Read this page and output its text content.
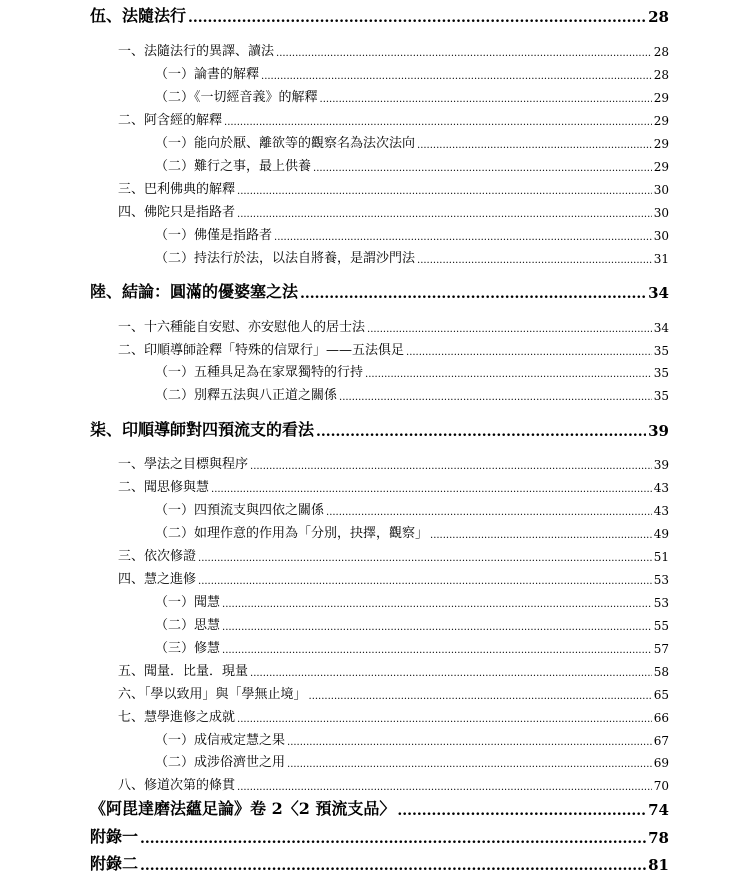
伍、法隨法行 .....	28
一、法隨法行的異譯、讀法 .....	28
（一）論書的解釋 .....	28
（二）《一切經音義》的解釋 .....	29
二、阿含經的解釋 .....	29
（一）能向於厭、離欲等的觀察名為法次法向 .....	29
（二）難行之事，最上供養 .....	29
三、巴利佛典的解釋 .....	30
四、佛陀只是指路者 .....	30
（一）佛僅是指路者 .....	30
（二）持法行於法，以法自將養，是謂沙門法 .....	31
陸、結論：圓滿的優婆塞之法 .....	34
一、十六種能自安慰、亦安慰他人的居士法 .....	34
二、印順導師詮釋「特殊的信眾行」——五法俱足 .....	35
（一）五種具足為在家眾獨特的行持 .....	35
（二）別釋五法與八正道之關係 .....	35
柒、印順導師對四預流支的看法 .....	39
一、學法之目標與程序 .....	39
二、聞思修與慧 .....	43
（一）四預流支與四依之關係 .....	43
（二）如理作意的作用為「分別，抉擇，觀察」 .....	49
三、依次修證 .....	51
四、慧之進修 .....	53
（一）聞慧 .....	53
（二）思慧 .....	55
（三）修慧 .....	57
五、聞量．比量．現量 .....	58
六、「學以致用」與「學無止境」 .....	65
七、慧學進修之成就 .....	66
（一）成信戒定慧之果 .....	67
（二）成涉俗濟世之用 .....	69
八、修道次第的條貫 .....	70
《阿毘達磨法蘊足論》卷 2〈2 預流支品〉 .....	74
附錄一 .....	78
附錄二 .....	81
